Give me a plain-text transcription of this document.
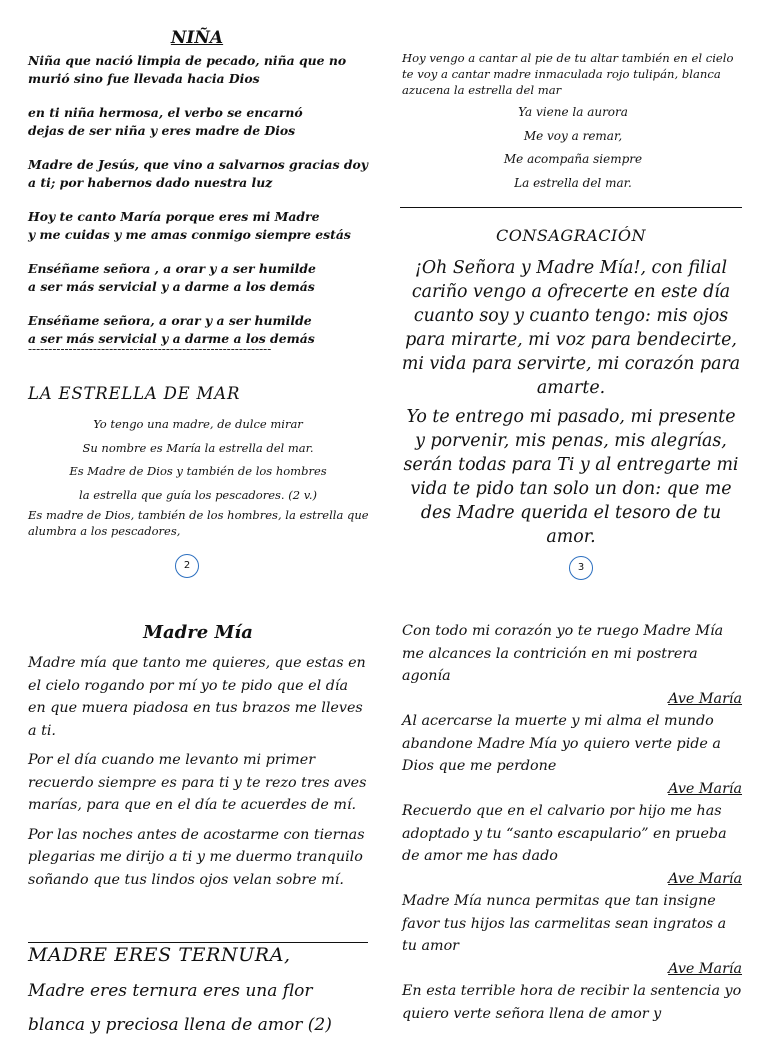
NIÑA

Niña que nació limpia de pecado, niña que no
murió sino fue llevada hacia Dios

en ti niña hermosa, el verbo se encarnó
dejas de ser niña y eres madre de Dios

Madre de Jesús, que vino a salvarnos gracias doy
a ti; por habernos dado nuestra luz

Hoy te canto María porque eres mi Madre
y me cuidas y me amas conmigo siempre estás

Enséñame señora , a orar y a ser humilde
a ser más servicial y a darme a los demás

Enséñame señora, a orar y a ser humilde
a ser más servicial y a darme a los demás

------------------------------------------------------------
LA ESTRELLA DE MAR
Yo tengo una madre, de dulce mirar
Su nombre es María la estrella del mar.
Es Madre de Dios y también de los hombres
la estrella que guía los pescadores. (2 v.)
Es madre de Dios, también de los hombres, la estrella que alumbra a los pescadores,
2	3
Hoy vengo a cantar al pie de tu altar también en el cielo te voy a cantar madre inmaculada rojo tulipán, blanca azucena la estrella del mar
Ya viene la aurora
Me voy a remar,
Me acompaña siempre
La estrella del mar.
CONSAGRACIÓN
¡Oh Señora y Madre Mía!, con filial cariño vengo a ofrecerte en este día cuanto soy y cuanto tengo: mis ojos para mirarte, mi voz para bendecirte, mi vida para servirte, mi corazón para amarte.
Yo te entrego mi pasado, mi presente y porvenir, mis penas, mis alegrías, serán todas para Ti y al entregarte mi vida te pido tan solo un don: que me des Madre querida el tesoro de tu amor.
Madre Mía

Madre mía que tanto me quieres, que estas en el cielo rogando por mí yo te pido que el día en que muera piadosa en tus brazos me lleves a ti.

Por el día cuando me levanto mi primer recuerdo siempre es para ti y te rezo tres aves marías, para que en el día te acuerdes de mí.

Por las noches antes de acostarme con tiernas plegarias me dirijo a ti y me duermo tranquilo soñando que tus lindos ojos velan sobre mí.

MADRE ERES TERNURA,
Madre eres ternura eres una flor
blanca y preciosa llena de amor (2)

Con todo mi corazón yo te ruego Madre Mía me alcances la contrición en mi postrera agonía

Ave María

Al acercarse la muerte y mi alma el mundo abandone Madre Mía yo quiero verte pide a Dios que me perdone

Ave María

Recuerdo que en el calvario por hijo me has adoptado y tu “santo escapulario” en prueba de amor me has dado

Ave María

Madre Mía nunca permitas que tan insigne favor tus hijos las carmelitas sean ingratos a tu amor

Ave María

En esta terrible hora de recibir la sentencia yo quiero verte señora llena de amor y
